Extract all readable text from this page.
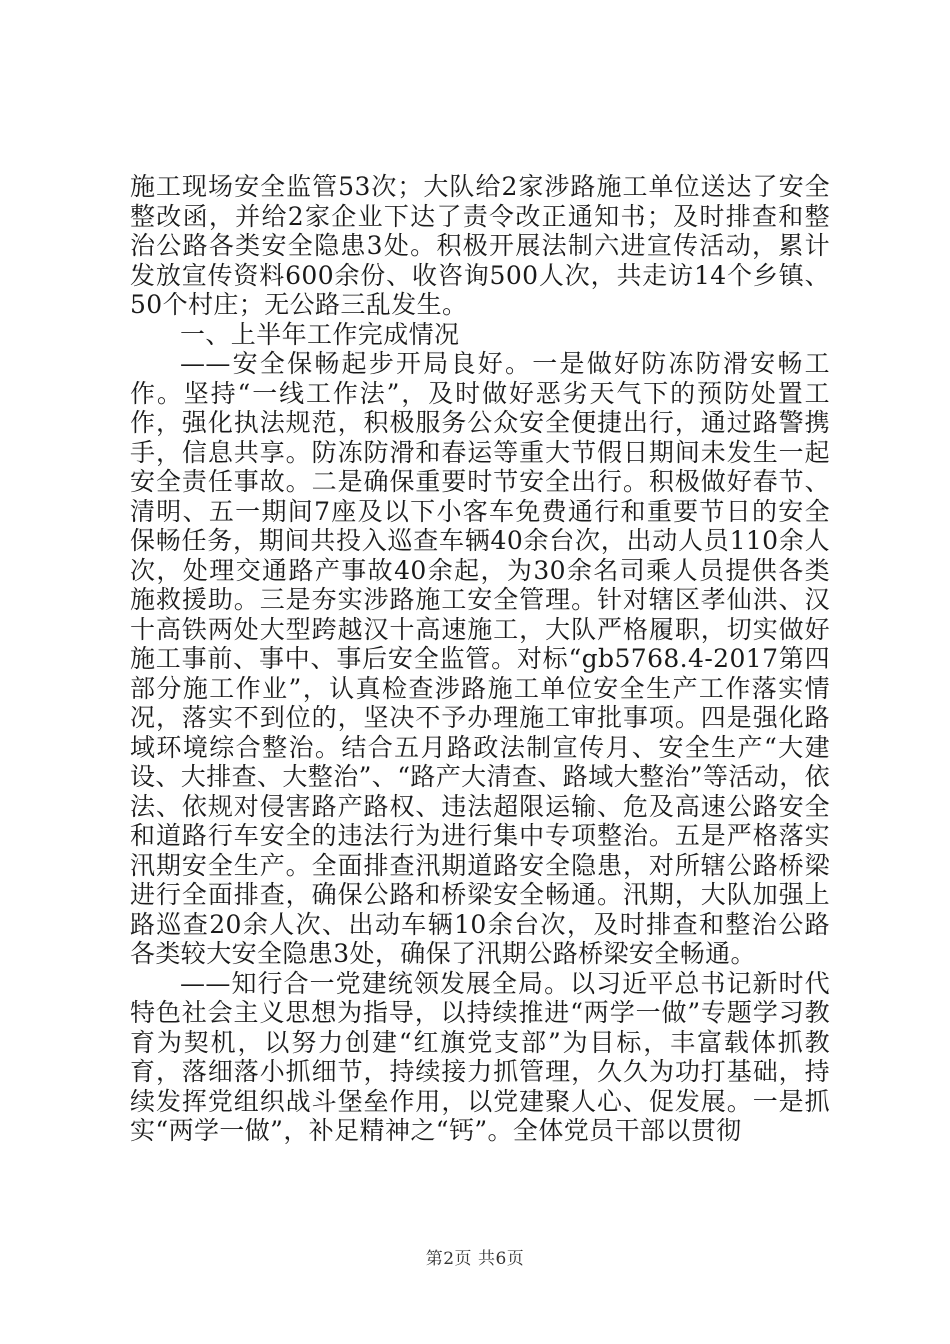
施工现场安全监管53次；大队给2家涉路施工单位送达了安全整改函，并给2家企业下达了责令改正通知书；及时排查和整治公路各类安全隐患3处。积极开展法制六进宣传活动，累计发放宣传资料600余份、收咨询500人次，共走访14个乡镇、50个村庄；无公路三乱发生。

一、上半年工作完成情况

——安全保畅起步开局良好。一是做好防冻防滑安畅工作。坚持“一线工作法”，及时做好恶劣天气下的预防处置工作，强化执法规范，积极服务公众安全便捷出行，通过路警携手，信息共享。防冻防滑和春运等重大节假日期间未发生一起安全责任事故。二是确保重要时节安全出行。积极做好春节、清明、五一期间7座及以下小客车免费通行和重要节日的安全保畅任务，期间共投入巡查车辆40余台次，出动人员110余人次，处理交通路产事故40余起，为30余名司乘人员提供各类施救援助。三是夯实涉路施工安全管理。针对辖区孝仙洪、汉十高铁两处大型跨越汉十高速施工，大队严格履职，切实做好施工事前、事中、事后安全监管。对标“gb5768.4-2017第四部分施工作业”，认真检查涉路施工单位安全生产工作落实情况，落实不到位的，坚决不予办理施工审批事项。四是强化路域环境综合整治。结合五月路政法制宣传月、安全生产“大建设、大排查、大整治”、“路产大清查、路域大整治”等活动，依法、依规对侵害路产路权、违法超限运输、危及高速公路安全和道路行车安全的违法行为进行集中专项整治。五是严格落实汛期安全生产。全面排查汛期道路安全隐患，对所辖公路桥梁进行全面排查，确保公路和桥梁安全畅通。汛期，大队加强上路巡查20余人次、出动车辆10余台次，及时排查和整治公路各类较大安全隐患3处，确保了汛期公路桥梁安全畅通。

——知行合一党建统领发展全局。以习近平总书记新时代特色社会主义思想为指导，以持续推进“两学一做”专题学习教育为契机，以努力创建“红旗党支部”为目标，丰富载体抓教育，落细落小抓细节，持续接力抓管理，久久为功打基础，持续发挥党组织战斗堡垒作用，以党建聚人心、促发展。一是抓实“两学一做”，补足精神之“钙”。全体党员干部以贯彻

第2页 共6页
